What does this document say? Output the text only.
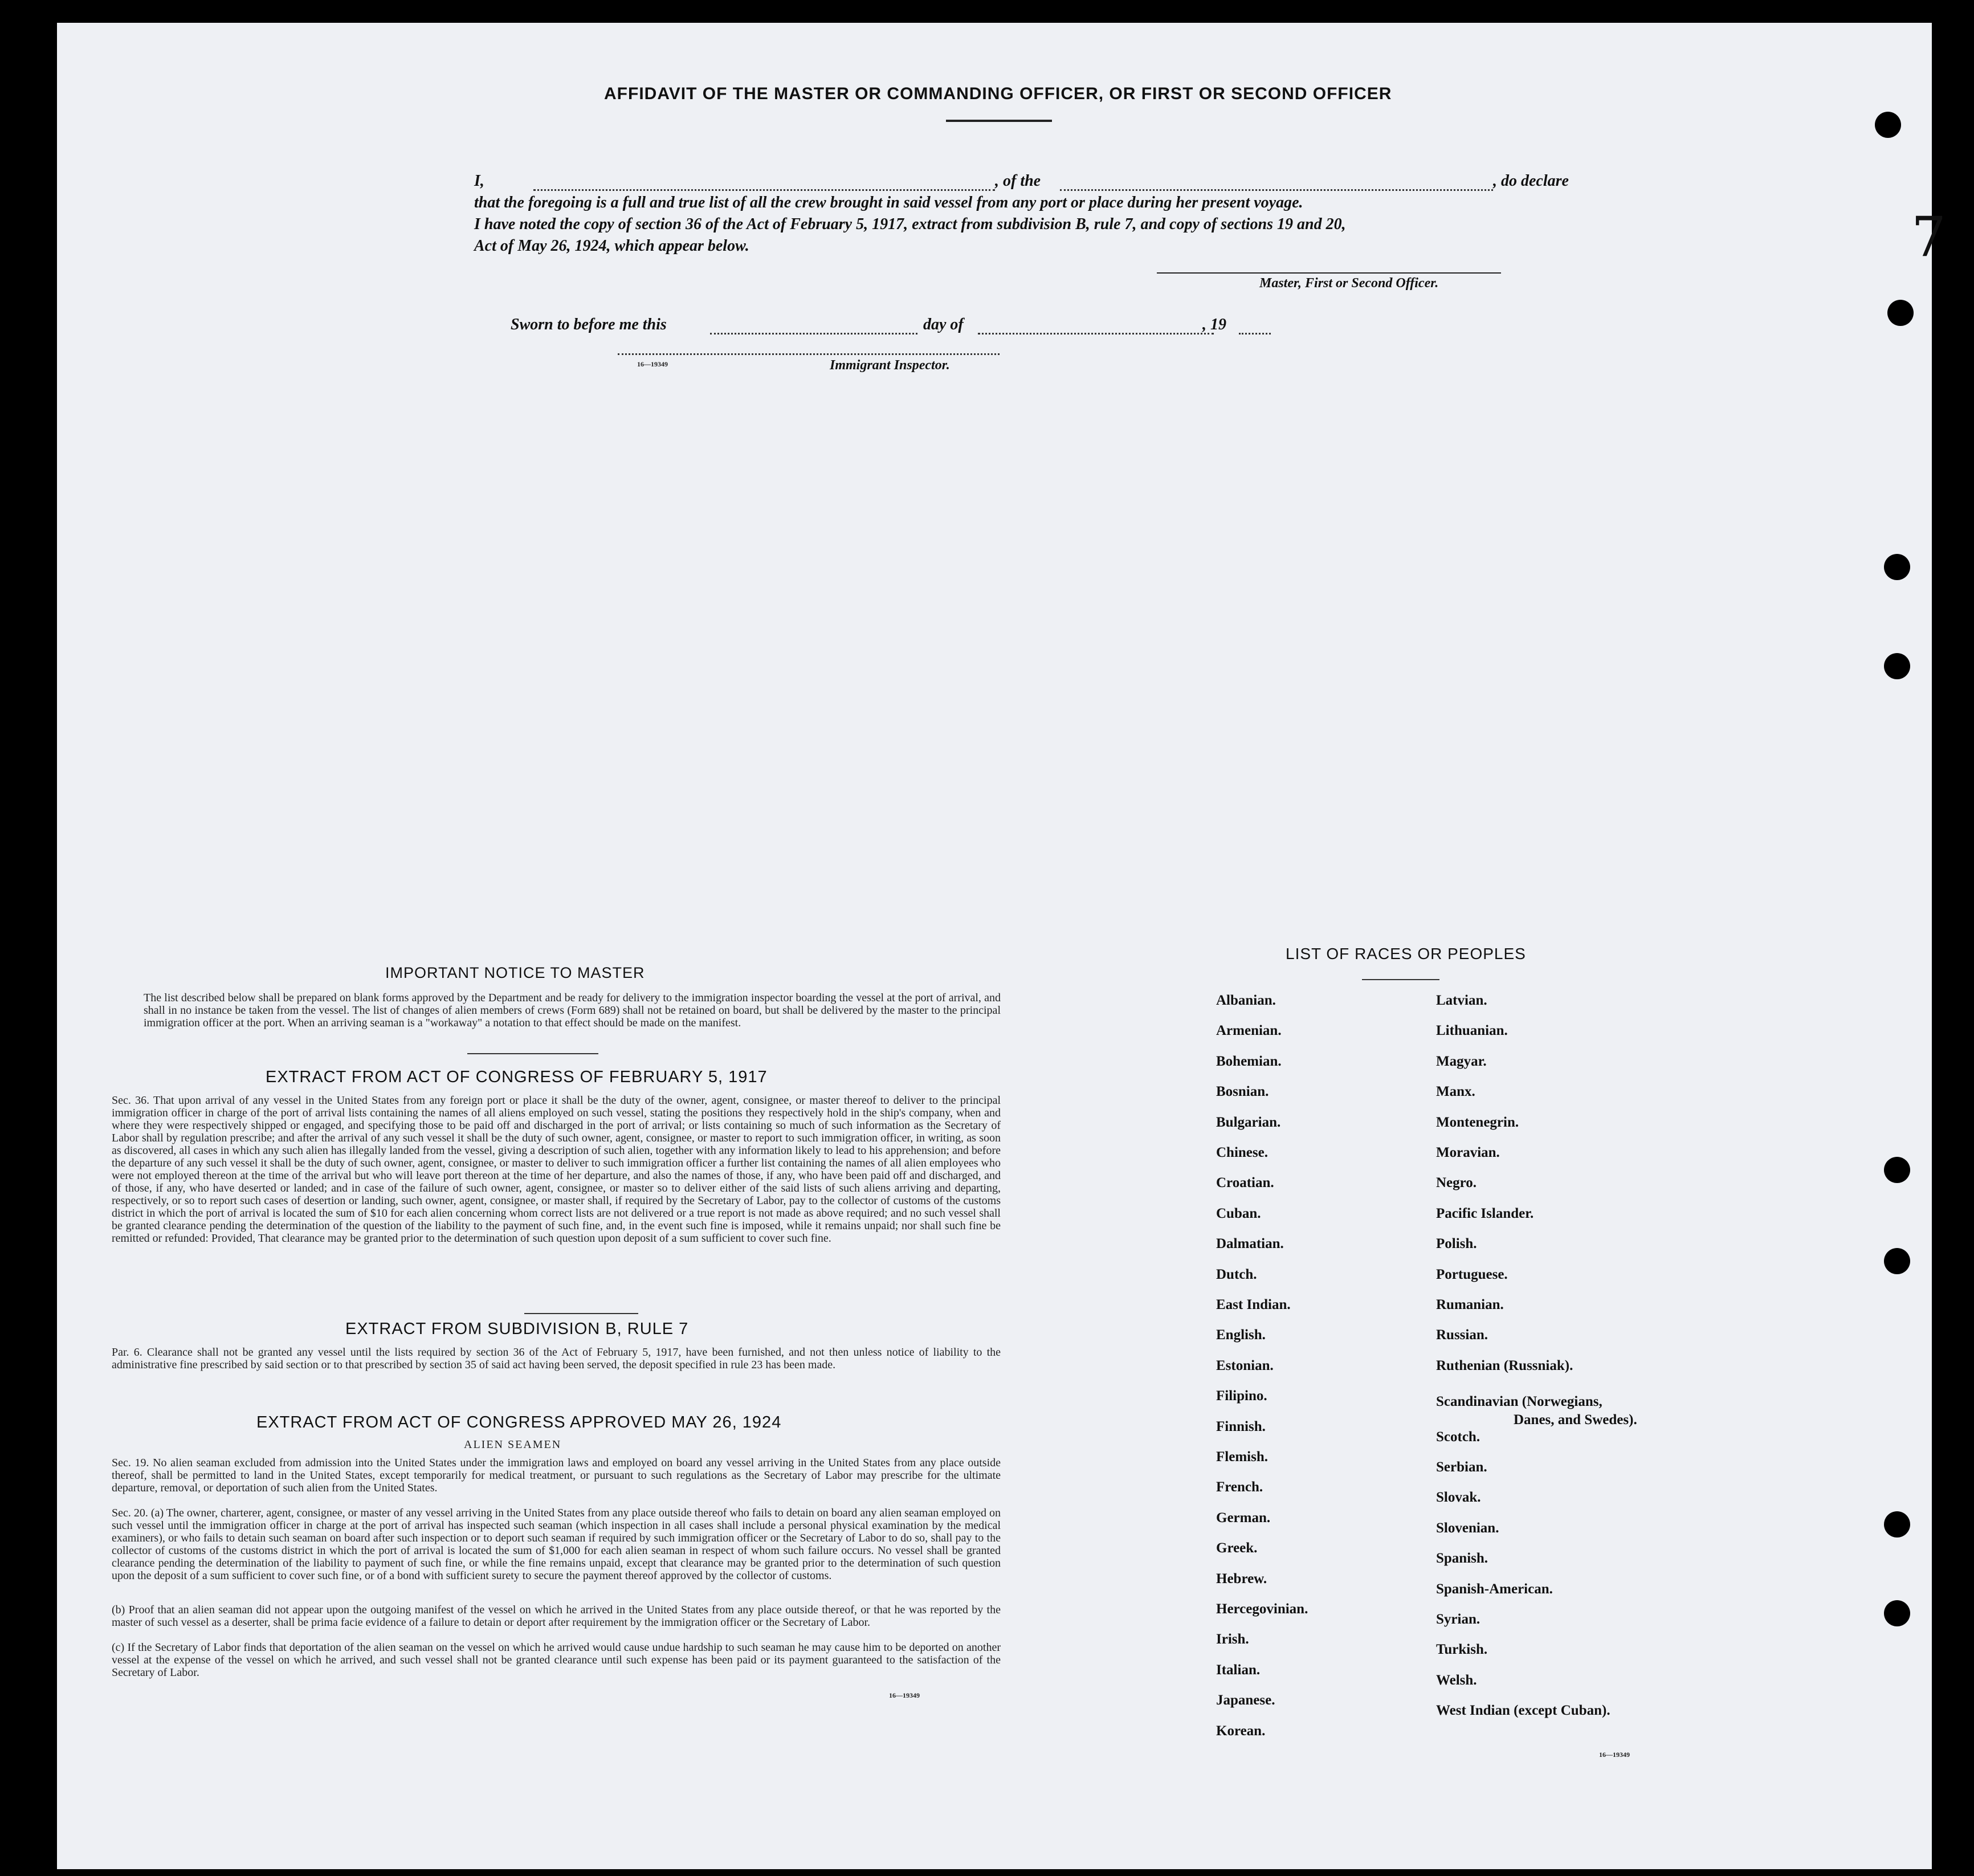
AFFIDAVIT OF THE MASTER OR COMMANDING OFFICER, OR FIRST OR SECOND OFFICER
I,	, of the	, do declare
that the foregoing is a full and true list of all the crew brought in said vessel from any port or place during her present voyage.
I have noted the copy of section 36 of the Act of February 5, 1917, extract from subdivision B, rule 7, and copy of sections 19 and 20,
Act of May 26, 1924, which appear below.
Master, First or Second Officer.
Sworn to before me this	day of	, 19
16—19349	Immigrant Inspector.
IMPORTANT NOTICE TO MASTER
The list described below shall be prepared on blank forms approved by the Department and be ready for delivery to the immigration inspector boarding the vessel at the port of arrival, and shall in no instance be taken from the vessel. The list of changes of alien members of crews (Form 689) shall not be retained on board, but shall be delivered by the master to the principal immigration officer at the port. When an arriving seaman is a "workaway" a notation to that effect should be made on the manifest.
EXTRACT FROM ACT OF CONGRESS OF FEBRUARY 5, 1917
Sec. 36. That upon arrival of any vessel in the United States from any foreign port or place it shall be the duty of the owner, agent, consignee, or master thereof to deliver to the principal immigration officer in charge of the port of arrival lists containing the names of all aliens employed on such vessel, stating the positions they respectively hold in the ship's company, when and where they were respectively shipped or engaged, and specifying those to be paid off and discharged in the port of arrival; or lists containing so much of such information as the Secretary of Labor shall by regulation prescribe; and after the arrival of any such vessel it shall be the duty of such owner, agent, consignee, or master to report to such immigration officer, in writing, as soon as discovered, all cases in which any such alien has illegally landed from the vessel, giving a description of such alien, together with any information likely to lead to his apprehension; and before the departure of any such vessel it shall be the duty of such owner, agent, consignee, or master to deliver to such immigration officer a further list containing the names of all alien employees who were not employed thereon at the time of the arrival but who will leave port thereon at the time of her departure, and also the names of those, if any, who have been paid off and discharged, and of those, if any, who have deserted or landed; and in case of the failure of such owner, agent, consignee, or master so to deliver either of the said lists of such aliens arriving and departing, respectively, or so to report such cases of desertion or landing, such owner, agent, consignee, or master shall, if required by the Secretary of Labor, pay to the collector of customs of the customs district in which the port of arrival is located the sum of $10 for each alien concerning whom correct lists are not delivered or a true report is not made as above required; and no such vessel shall be granted clearance pending the determination of the question of the liability to the payment of such fine, and, in the event such fine is imposed, while it remains unpaid; nor shall such fine be remitted or refunded: Provided, That clearance may be granted prior to the determination of such question upon deposit of a sum sufficient to cover such fine.
EXTRACT FROM SUBDIVISION B, RULE 7
Par. 6. Clearance shall not be granted any vessel until the lists required by section 36 of the Act of February 5, 1917, have been furnished, and not then unless notice of liability to the administrative fine prescribed by said section or to that prescribed by section 35 of said act having been served, the deposit specified in rule 23 has been made.
EXTRACT FROM ACT OF CONGRESS APPROVED MAY 26, 1924
ALIEN SEAMEN
Sec. 19. No alien seaman excluded from admission into the United States under the immigration laws and employed on board any vessel arriving in the United States from any place outside thereof, shall be permitted to land in the United States, except temporarily for medical treatment, or pursuant to such regulations as the Secretary of Labor may prescribe for the ultimate departure, removal, or deportation of such alien from the United States.
Sec. 20. (a) The owner, charterer, agent, consignee, or master of any vessel arriving in the United States from any place outside thereof who fails to detain on board any alien seaman employed on such vessel until the immigration officer in charge at the port of arrival has inspected such seaman (which inspection in all cases shall include a personal physical examination by the medical examiners), or who fails to detain such seaman on board after such inspection or to deport such seaman if required by such immigration officer or the Secretary of Labor to do so, shall pay to the collector of customs of the customs district in which the port of arrival is located the sum of $1,000 for each alien seaman in respect of whom such failure occurs. No vessel shall be granted clearance pending the determination of the liability to payment of such fine, or while the fine remains unpaid, except that clearance may be granted prior to the determination of such question upon the deposit of a sum sufficient to cover such fine, or of a bond with sufficient surety to secure the payment thereof approved by the collector of customs.
(b) Proof that an alien seaman did not appear upon the outgoing manifest of the vessel on which he arrived in the United States from any place outside thereof, or that he was reported by the master of such vessel as a deserter, shall be prima facie evidence of a failure to detain or deport after requirement by the immigration officer or the Secretary of Labor.
(c) If the Secretary of Labor finds that deportation of the alien seaman on the vessel on which he arrived would cause undue hardship to such seaman he may cause him to be deported on another vessel at the expense of the vessel on which he arrived, and such vessel shall not be granted clearance until such expense has been paid or its payment guaranteed to the satisfaction of the Secretary of Labor.
16—19349
LIST OF RACES OR PEOPLES
Albanian.
Armenian.
Bohemian.
Bosnian.
Bulgarian.
Chinese.
Croatian.
Cuban.
Dalmatian.
Dutch.
East Indian.
English.
Estonian.
Filipino.
Finnish.
Flemish.
French.
German.
Greek.
Hebrew.
Hercegovinian.
Irish.
Italian.
Japanese.
Korean.
Latvian.
Lithuanian.
Magyar.
Manx.
Montenegrin.
Moravian.
Negro.
Pacific Islander.
Polish.
Portuguese.
Rumanian.
Russian.
Ruthenian (Russniak).
Scandinavian (Norwegians,
Danes, and Swedes).
Scotch.
Serbian.
Slovak.
Slovenian.
Spanish.
Spanish-American.
Syrian.
Turkish.
Welsh.
West Indian (except Cuban).
16—19349
7
